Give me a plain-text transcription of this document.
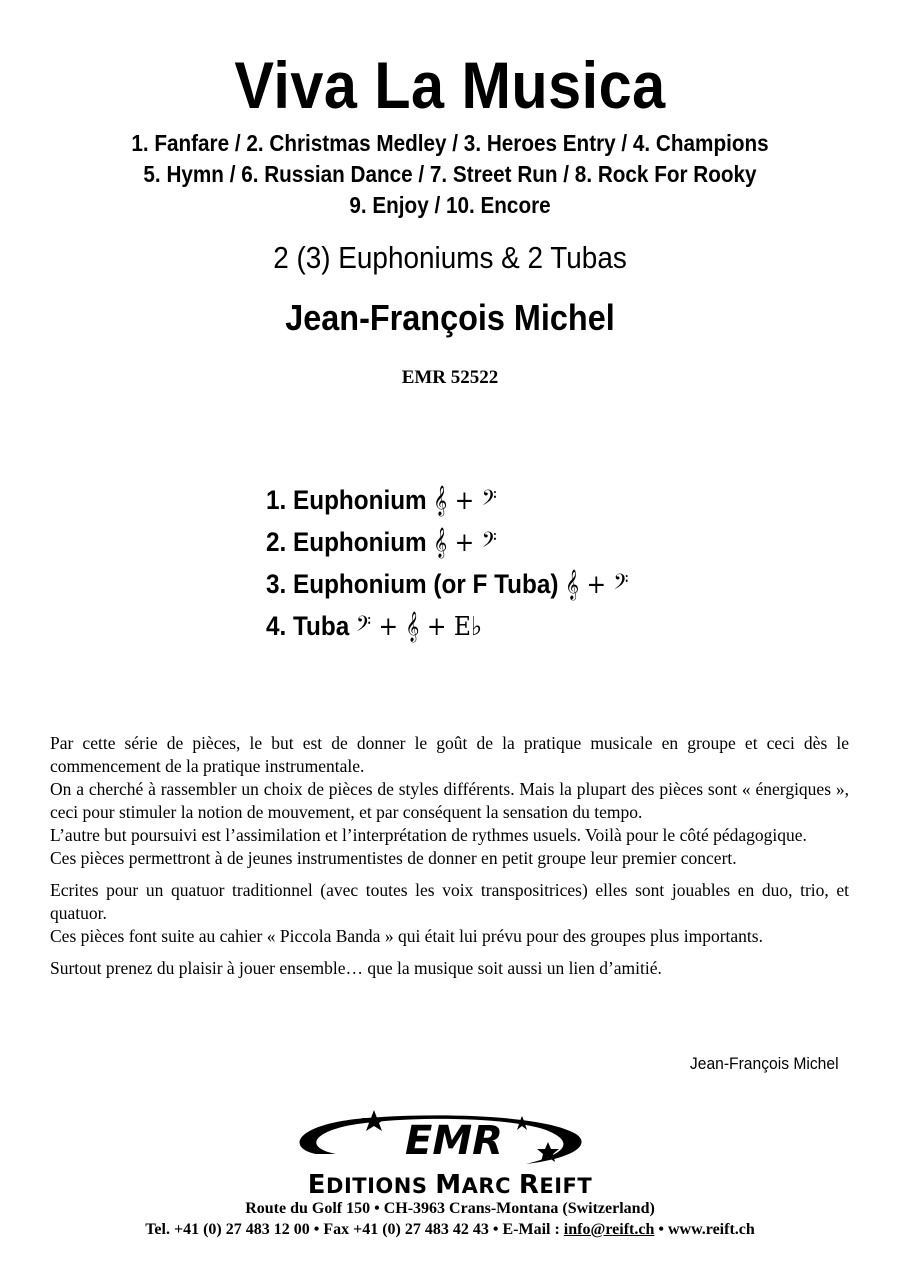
Viva La Musica
1. Fanfare / 2. Christmas Medley / 3. Heroes Entry / 4. Champions
5. Hymn / 6. Russian Dance / 7. Street Run / 8. Rock For Rooky
9. Enjoy / 10. Encore
2 (3) Euphoniums & 2 Tubas
Jean-François Michel
EMR 52522
1. Euphonium 𝄞 + 𝄢
2. Euphonium 𝄞 + 𝄢
3. Euphonium (or F Tuba) 𝄞 + 𝄢
4. Tuba 𝄢 + 𝄞 + E♭

Par cette série de pièces, le but est de donner le goût de la pratique musicale en groupe et ceci dès le commencement de la pratique instrumentale.

On a cherché à rassembler un choix de pièces de styles différents. Mais la plupart des pièces sont « énergiques », ceci pour stimuler la notion de mouvement, et par conséquent la sensation du tempo.

L’autre but poursuivi est l’assimilation et l’interprétation de rythmes usuels. Voilà pour le côté pédagogique.

Ces pièces permettront à de jeunes instrumentistes de donner en petit groupe leur premier concert.

Ecrites pour un quatuor traditionnel (avec toutes les voix transpositrices) elles sont jouables en duo, trio, et quatuor.

Ces pièces font suite au cahier « Piccola Banda » qui était lui prévu pour des groupes plus importants.

Surtout prenez du plaisir à jouer ensemble… que la musique soit aussi un lien d’amitié.

Jean-François Michel
EMR
EDITIONS MARC REIFT
Route du Golf 150 • CH-3963 Crans-Montana (Switzerland)
Tel. +41 (0) 27 483 12 00 • Fax +41 (0) 27 483 42 43 • E-Mail : info@reift.ch • www.reift.ch
